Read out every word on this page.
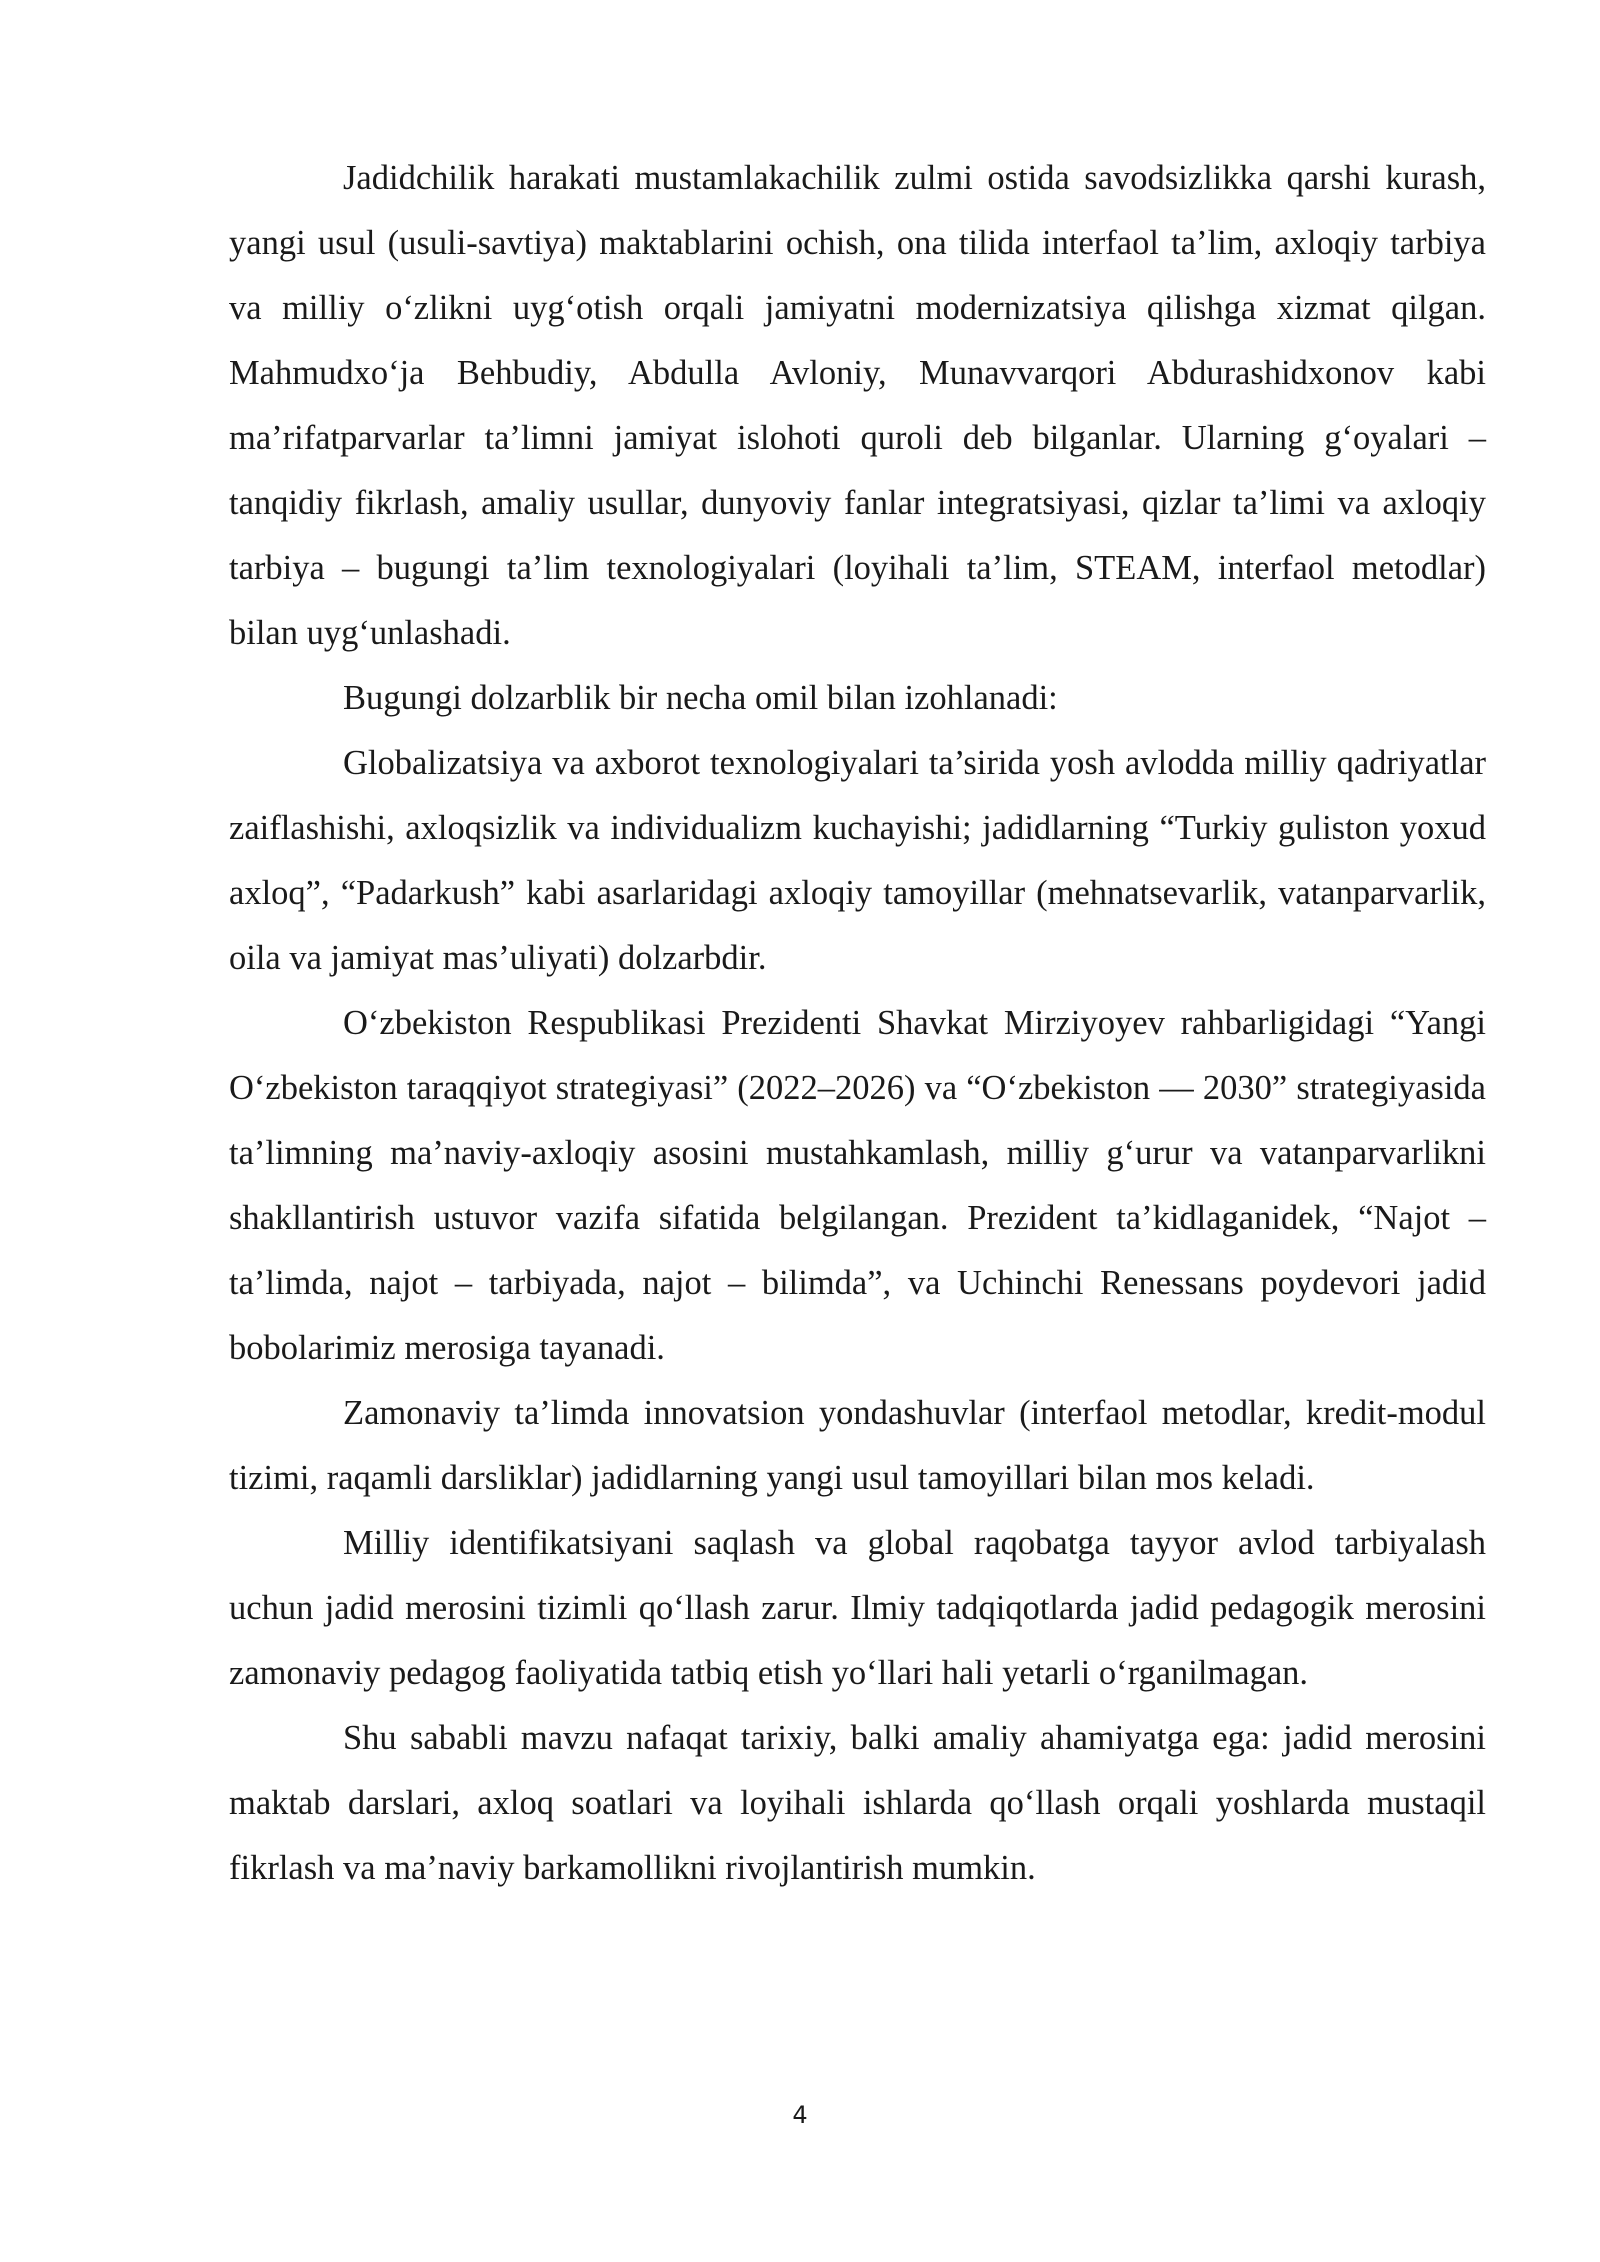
Jadidchilik harakati mustamlakachilik zulmi ostida savodsizlikka qarshi kurash, yangi usul (usuli-savtiya) maktablarini ochish, ona tilida interfaol ta’lim, axloqiy tarbiya va milliy o‘zlikni uyg‘otish orqali jamiyatni modernizatsiya qilishga xizmat qilgan. Mahmudxo‘ja Behbudiy, Abdulla Avloniy, Munavvarqori Abdurashidxonov kabi ma’rifatparvarlar ta’limni jamiyat islohoti quroli deb bilganlar. Ularning g‘oyalari – tanqidiy fikrlash, amaliy usullar, dunyoviy fanlar integratsiyasi, qizlar ta’limi va axloqiy tarbiya – bugungi ta’lim texnologiyalari (loyihali ta’lim, STEAM, interfaol metodlar) bilan uyg‘unlashadi.

Bugungi dolzarblik bir necha omil bilan izohlanadi:

Globalizatsiya va axborot texnologiyalari ta’sirida yosh avlodda milliy qadriyatlar zaiflashishi, axloqsizlik va individualizm kuchayishi; jadidlarning “Turkiy guliston yoxud axloq”, “Padarkush” kabi asarlaridagi axloqiy tamoyillar (mehnatsevarlik, vatanparvarlik, oila va jamiyat mas’uliyati) dolzarbdir.

O‘zbekiston Respublikasi Prezidenti Shavkat Mirziyoyev rahbarligidagi “Yangi O‘zbekiston taraqqiyot strategiyasi” (2022–2026) va “O‘zbekiston — 2030” strategiyasida ta’limning ma’naviy-axloqiy asosini mustahkamlash, milliy g‘urur va vatanparvarlikni shakllantirish ustuvor vazifa sifatida belgilangan. Prezident ta’kidlaganidek, “Najot – ta’limda, najot – tarbiyada, najot – bilimda”, va Uchinchi Renessans poydevori jadid bobolarimiz merosiga tayanadi.

Zamonaviy ta’limda innovatsion yondashuvlar (interfaol metodlar, kredit-modul tizimi, raqamli darsliklar) jadidlarning yangi usul tamoyillari bilan mos keladi.

Milliy identifikatsiyani saqlash va global raqobatga tayyor avlod tarbiyalash uchun jadid merosini tizimli qo‘llash zarur. Ilmiy tadqiqotlarda jadid pedagogik merosini zamonaviy pedagog faoliyatida tatbiq etish yo‘llari hali yetarli o‘rganilmagan.

Shu sababli mavzu nafaqat tarixiy, balki amaliy ahamiyatga ega: jadid merosini maktab darslari, axloq soatlari va loyihali ishlarda qo‘llash orqali yoshlarda mustaqil fikrlash va ma’naviy barkamollikni rivojlantirish mumkin.

4
